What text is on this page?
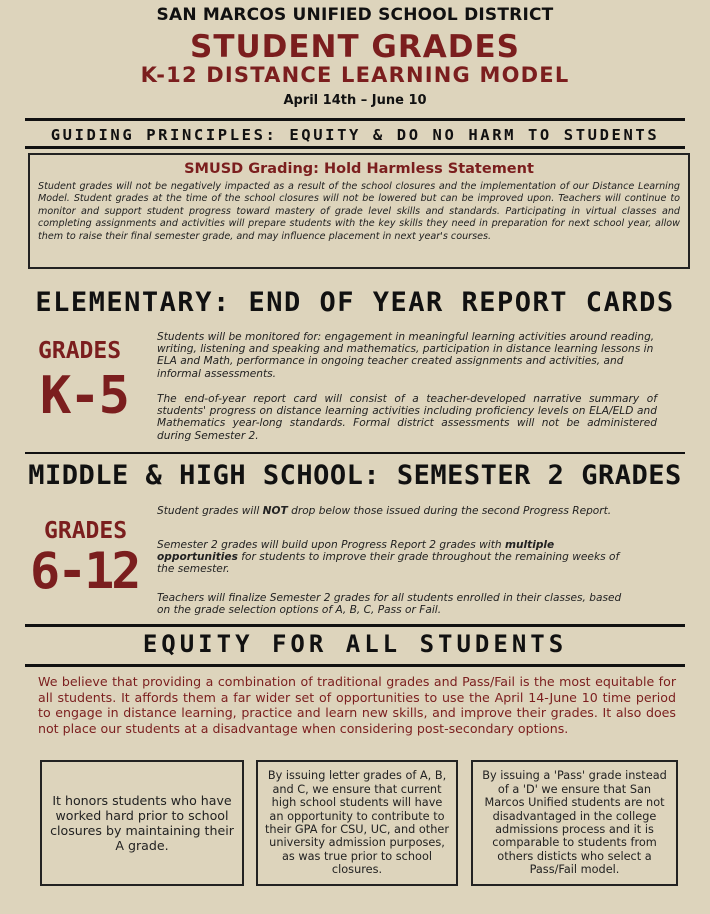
SAN MARCOS UNIFIED SCHOOL DISTRICT
STUDENT GRADES
K-12 DISTANCE LEARNING MODEL
April 14th – June 10
GUIDING PRINCIPLES: EQUITY & DO NO HARM TO STUDENTS
SMUSD Grading: Hold Harmless Statement
Student grades will not be negatively impacted as a result of the school closures and the implementation of our Distance Learning Model. Student grades at the time of the school closures will not be lowered but can be improved upon. Teachers will continue to monitor and support student progress toward mastery of grade level skills and standards. Participating in virtual classes and completing assignments and activities will prepare students with the key skills they need in preparation for next school year, allow them to raise their final semester grade, and may influence placement in next year's courses.
ELEMENTARY: END OF YEAR REPORT CARDS
GRADES
K-5
Students will be monitored for: engagement in meaningful learning activities around reading, writing, listening and speaking and mathematics, participation in distance learning lessons in ELA and Math, performance in ongoing teacher created assignments and activities, and informal assessments.
The end-of-year report card will consist of a teacher-developed narrative summary of students' progress on distance learning activities including proficiency levels on ELA/ELD and Mathematics year-long standards. Formal district assessments will not be administered during Semester 2.
MIDDLE & HIGH SCHOOL: SEMESTER 2 GRADES
GRADES
6-12
Student grades will NOT drop below those issued during the second Progress Report.
Semester 2 grades will build upon Progress Report 2 grades with multiple opportunities for students to improve their grade throughout the remaining weeks of the semester.
Teachers will finalize Semester 2 grades for all students enrolled in their classes, based on the grade selection options of A, B, C, Pass or Fail.
EQUITY FOR ALL STUDENTS
We believe that providing a combination of traditional grades and Pass/Fail is the most equitable for all students. It affords them a far wider set of opportunities to use the April 14-June 10 time period to engage in distance learning, practice and learn new skills, and improve their grades. It also does not place our students at a disadvantage when considering post-secondary options.
It honors students who have worked hard prior to school closures by maintaining their A grade.
By issuing letter grades of A, B, and C, we ensure that current high school students will have an opportunity to contribute to their GPA for CSU, UC, and other university admission purposes, as was true prior to school closures.
By issuing a 'Pass' grade instead of a 'D' we ensure that San Marcos Unified students are not disadvantaged in the college admissions process and it is comparable to students from others distiсts who select a Pass/Fail model.
